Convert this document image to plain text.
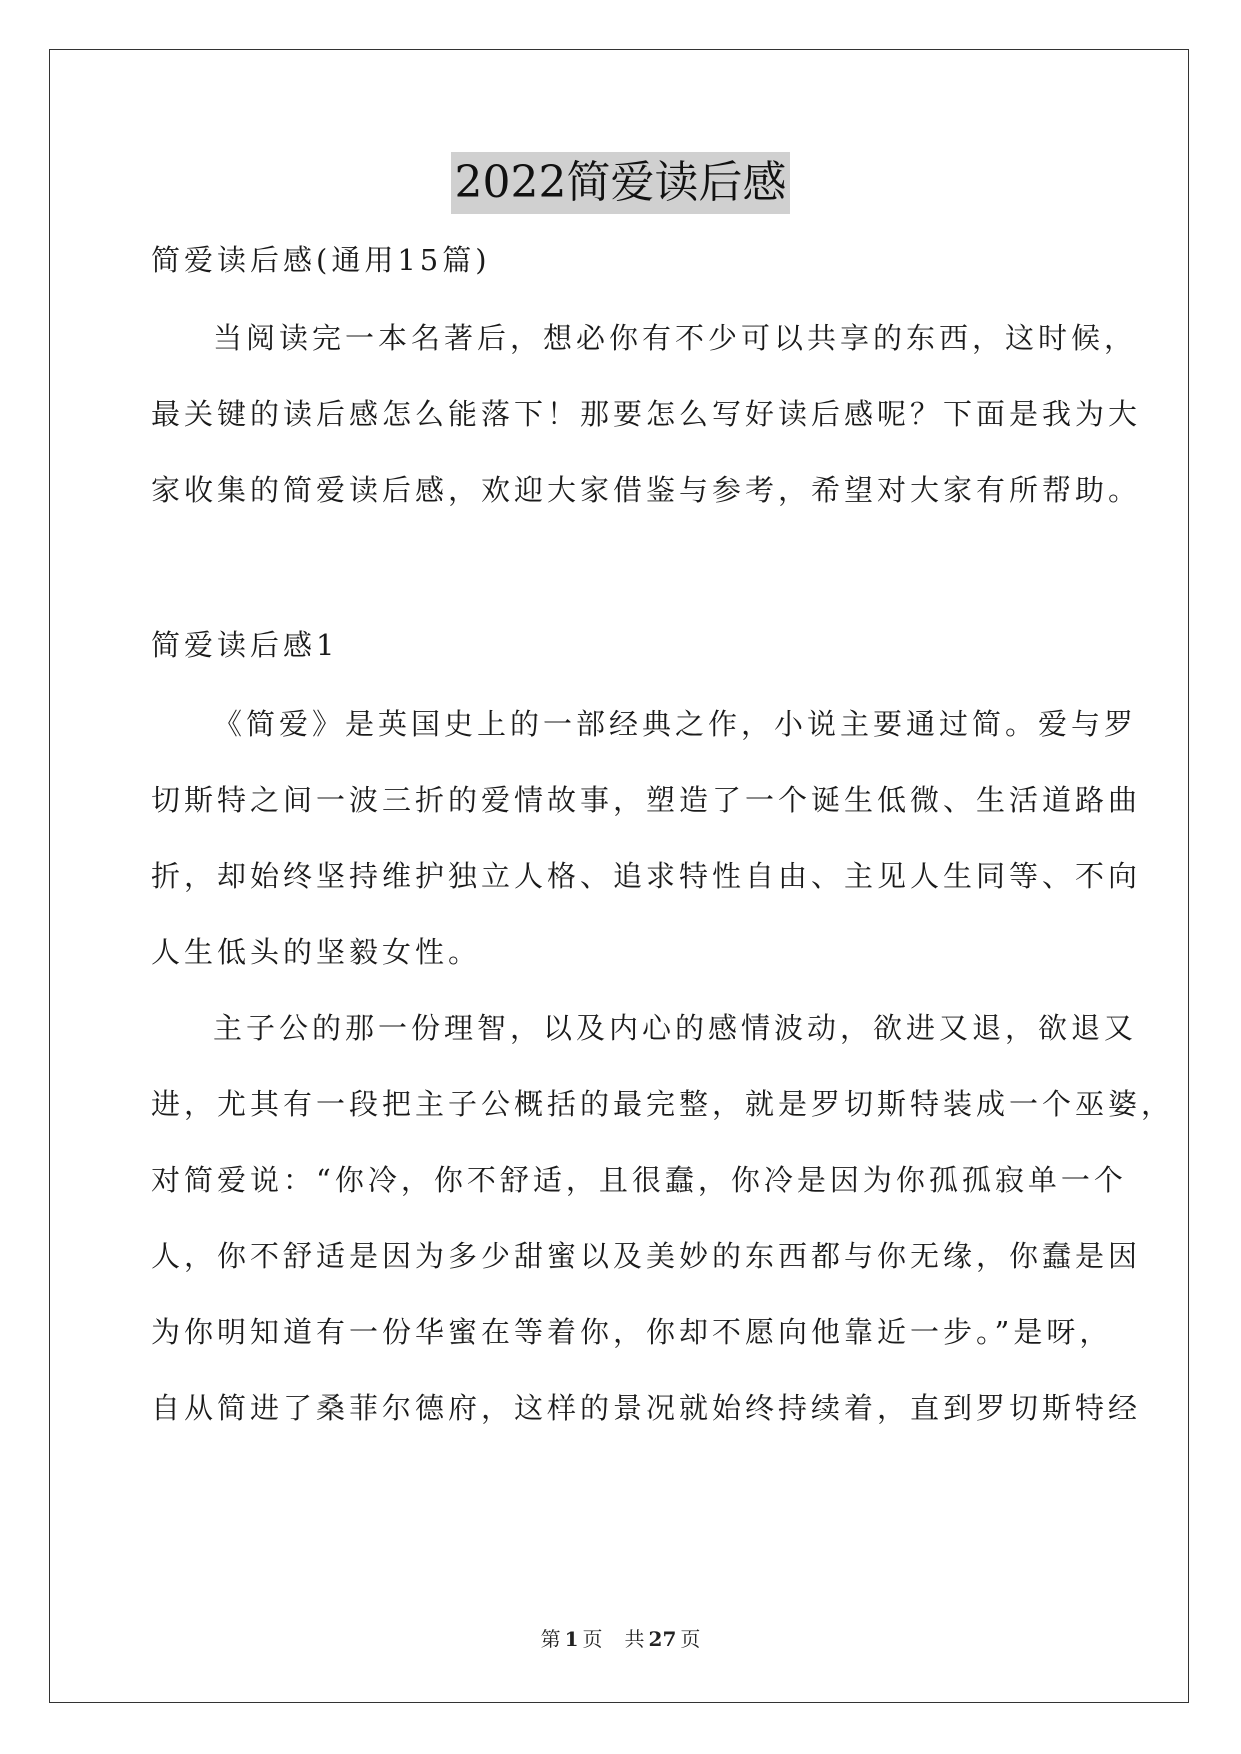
2022简爱读后感
简爱读后感(通用15篇)
当阅读完一本名著后，想必你有不少可以共享的东西，这时候，
最关键的读后感怎么能落下！那要怎么写好读后感呢？下面是我为大
家收集的简爱读后感，欢迎大家借鉴与参考，希望对大家有所帮助。
简爱读后感1
《简爱》是英国史上的一部经典之作，小说主要通过简。爱与罗
切斯特之间一波三折的爱情故事，塑造了一个诞生低微、生活道路曲
折，却始终坚持维护独立人格、追求特性自由、主见人生同等、不向
人生低头的坚毅女性。
主子公的那一份理智，以及内心的感情波动，欲进又退，欲退又
进，尤其有一段把主子公概括的最完整，就是罗切斯特装成一个巫婆，
对简爱说：“你冷，你不舒适，且很蠢，你冷是因为你孤孤寂单一个
人，你不舒适是因为多少甜蜜以及美妙的东西都与你无缘，你蠢是因
为你明知道有一份华蜜在等着你，你却不愿向他靠近一步。”是呀，
自从简进了桑菲尔德府，这样的景况就始终持续着，直到罗切斯特经
第 1 页 共 27 页
